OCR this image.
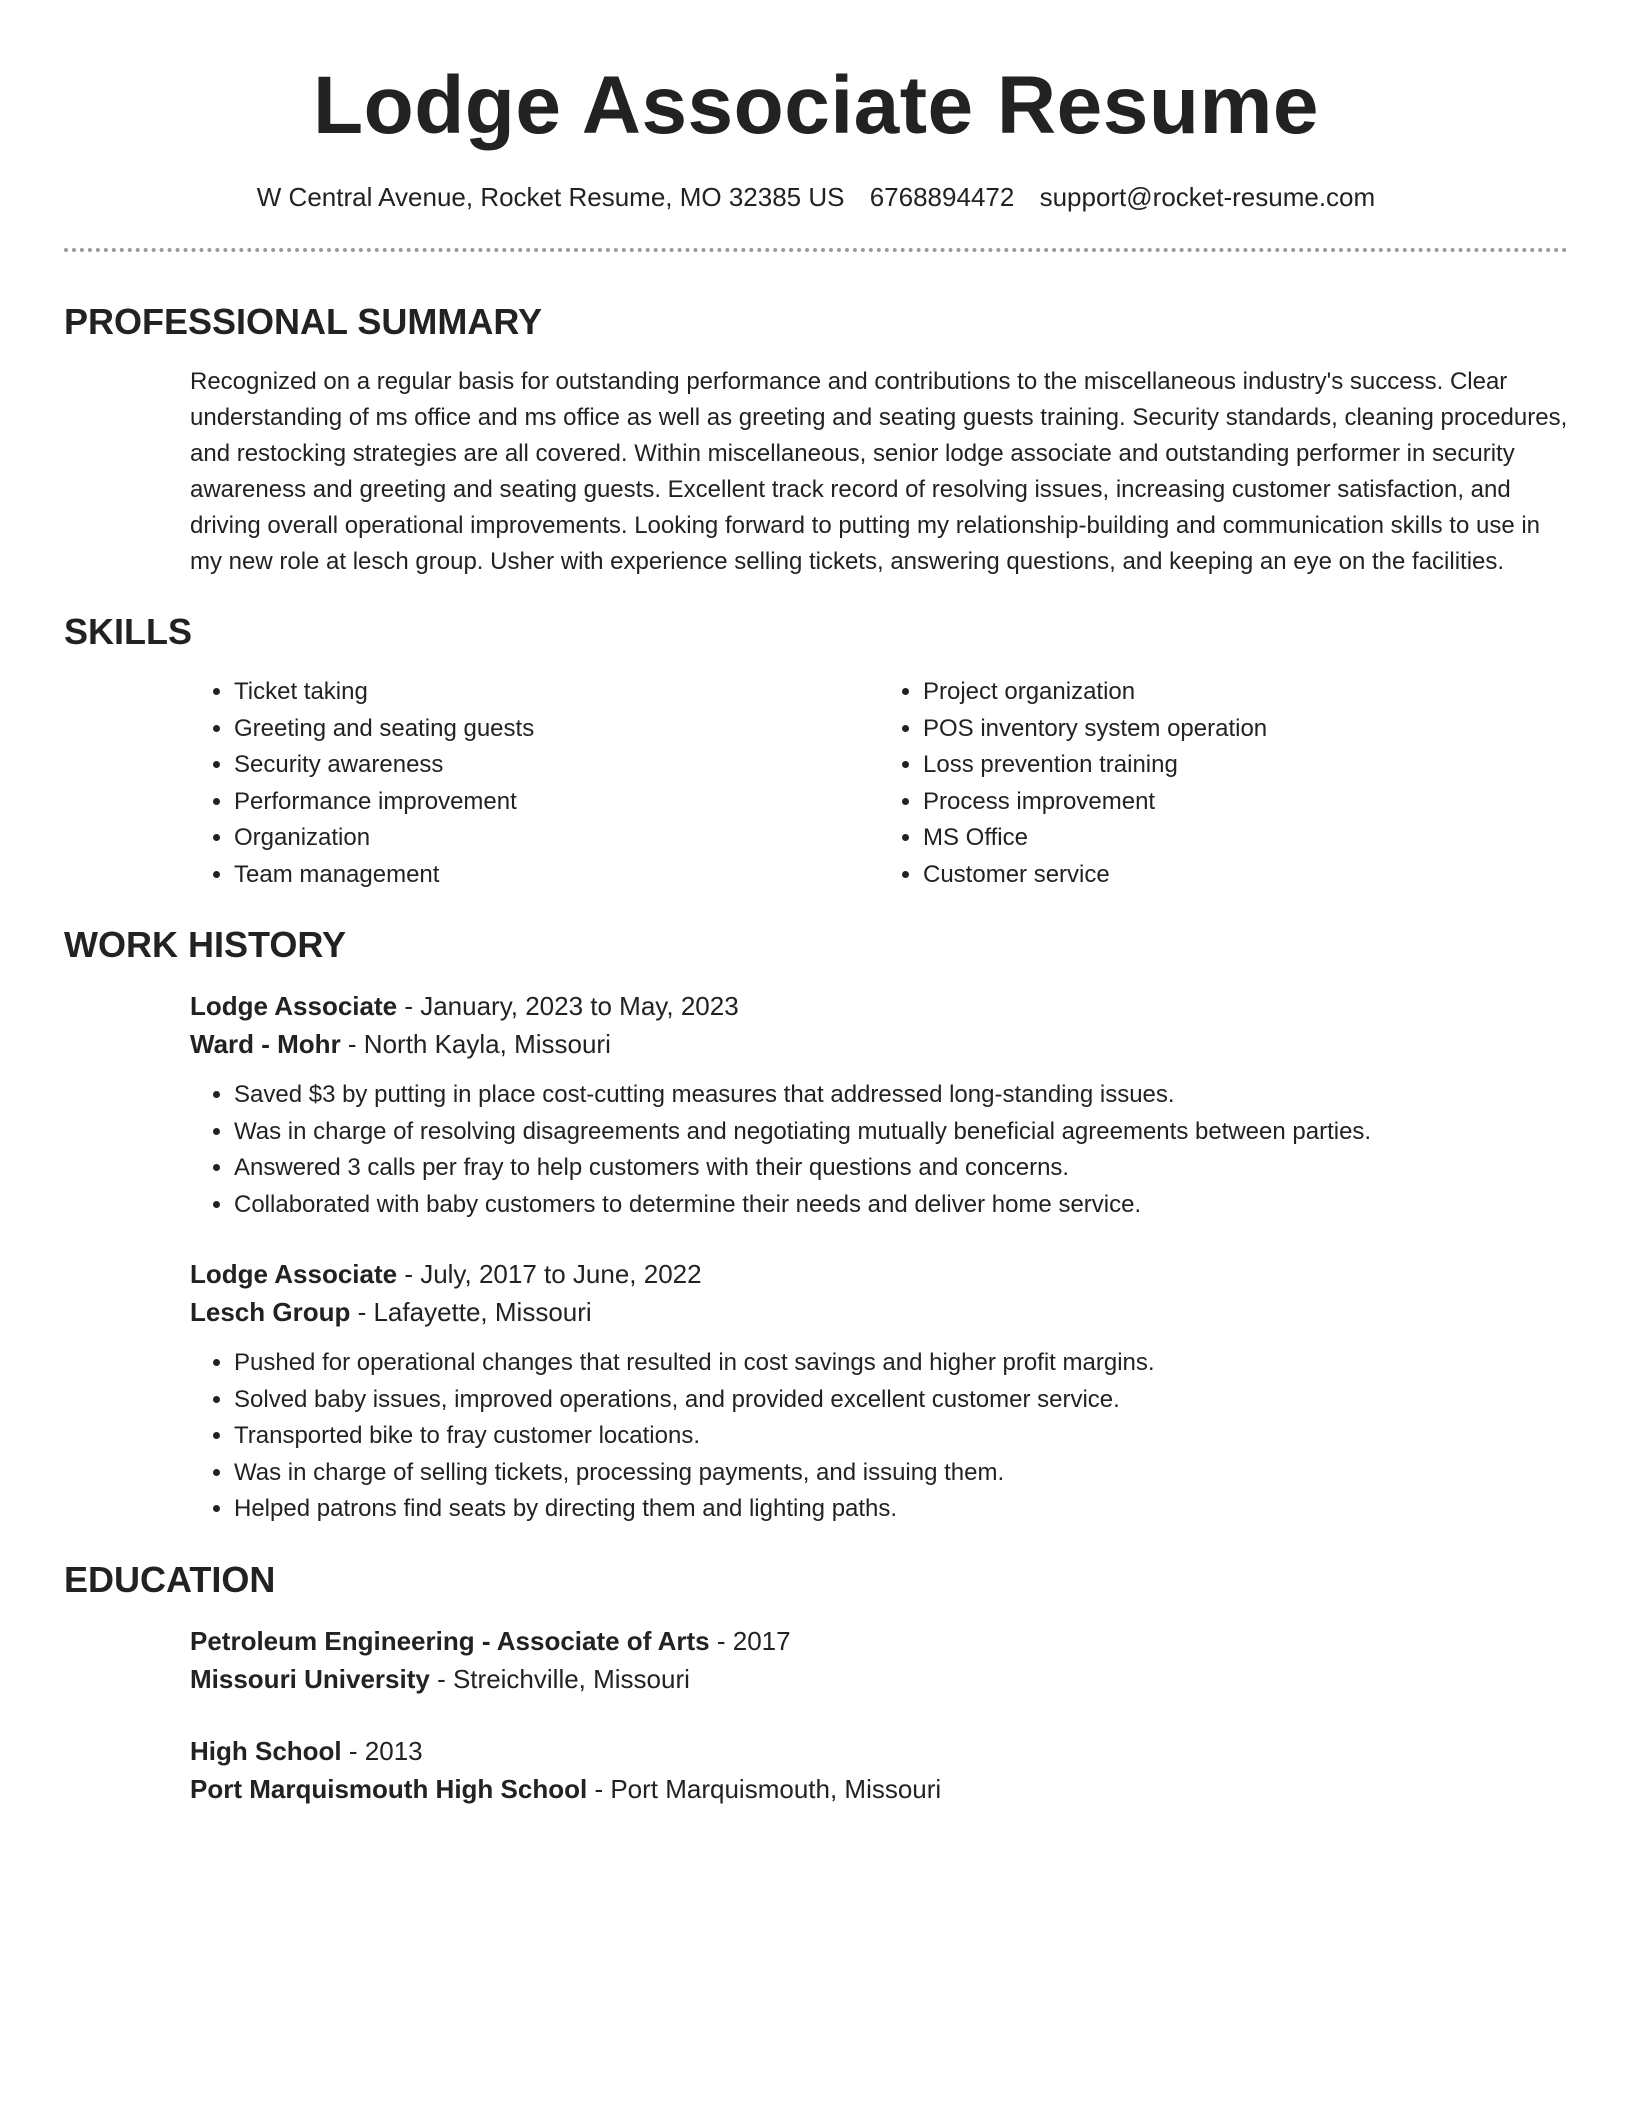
Lodge Associate Resume
W Central Avenue, Rocket Resume, MO 32385 US 6768894472 support@rocket-resume.com
PROFESSIONAL SUMMARY

Recognized on a regular basis for outstanding performance and contributions to the miscellaneous industry's success. Clear understanding of ms office and ms office as well as greeting and seating guests training. Security standards, cleaning procedures, and restocking strategies are all covered. Within miscellaneous, senior lodge associate and outstanding performer in security awareness and greeting and seating guests. Excellent track record of resolving issues, increasing customer satisfaction, and driving overall operational improvements. Looking forward to putting my relationship-building and communication skills to use in my new role at lesch group. Usher with experience selling tickets, answering questions, and keeping an eye on the facilities.

SKILLS
• Ticket taking
• Greeting and seating guests
• Security awareness
• Performance improvement
• Organization
• Team management
• Project organization
• POS inventory system operation
• Loss prevention training
• Process improvement
• MS Office
• Customer service
WORK HISTORY
Lodge Associate - January, 2023 to May, 2023
Ward - Mohr - North Kayla, Missouri
• Saved $3 by putting in place cost-cutting measures that addressed long-standing issues.
• Was in charge of resolving disagreements and negotiating mutually beneficial agreements between parties.
• Answered 3 calls per fray to help customers with their questions and concerns.
• Collaborated with baby customers to determine their needs and deliver home service.
Lodge Associate - July, 2017 to June, 2022
Lesch Group - Lafayette, Missouri
• Pushed for operational changes that resulted in cost savings and higher profit margins.
• Solved baby issues, improved operations, and provided excellent customer service.
• Transported bike to fray customer locations.
• Was in charge of selling tickets, processing payments, and issuing them.
• Helped patrons find seats by directing them and lighting paths.
EDUCATION
Petroleum Engineering - Associate of Arts - 2017
Missouri University - Streichville, Missouri
High School - 2013
Port Marquismouth High School - Port Marquismouth, Missouri
